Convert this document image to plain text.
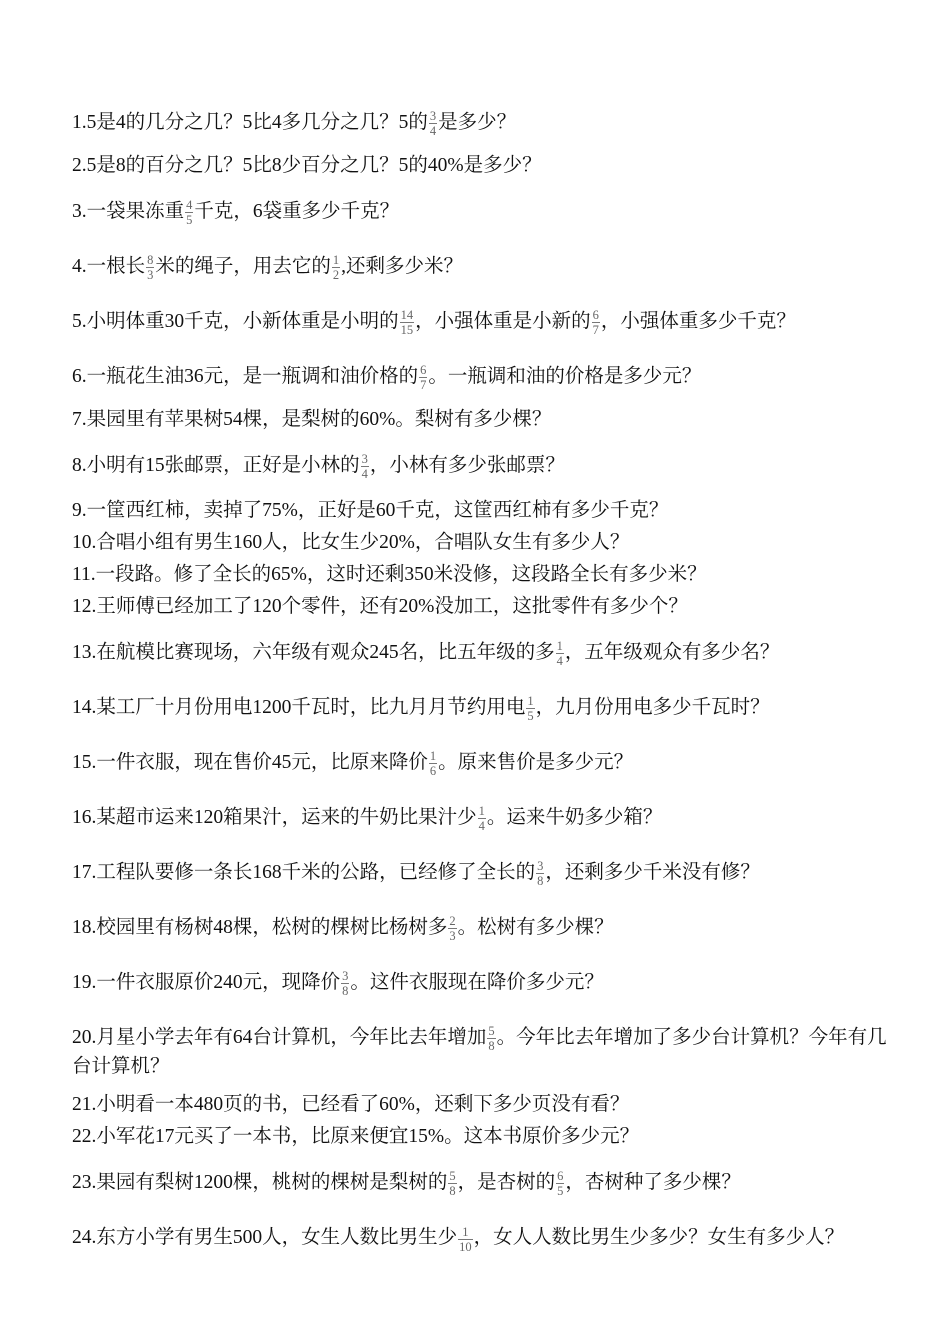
1.5是4的几分之几？5比4多几分之几？5的 $\frac{3}{4}$ 是多少？

2.5是8的百分之几？5比8少百分之几？5的40%是多少？

3.一袋果冻重 $\frac{4}{5}$ 千克，6袋重多少千克？

4.一根长 $\frac{8}{3}$ 米的绳子，用去它的 $\frac{1}{2}$ ,还剩多少米？

5.小明体重30千克，小新体重是小明的 $\frac{14}{15}$ ，小强体重是小新的 $\frac{6}{7}$ ，小强体重多少千克？

6.一瓶花生油36元，是一瓶调和油价格的 $\frac{6}{7}$ 。一瓶调和油的价格是多少元？

7.果园里有苹果树54棵，是梨树的60%。梨树有多少棵？

8.小明有15张邮票，正好是小林的 $\frac{3}{4}$ ，小林有多少张邮票？

9.一筐西红柿，卖掉了75%，正好是60千克，这筐西红柿有多少千克？

10.合唱小组有男生160人，比女生少20%，合唱队女生有多少人？

11.一段路。修了全长的65%，这时还剩350米没修，这段路全长有多少米？

12.王师傅已经加工了120个零件，还有20%没加工，这批零件有多少个？

13.在航模比赛现场，六年级有观众245名，比五年级的多 $\frac{1}{4}$ ，五年级观众有多少名？

14.某工厂十月份用电1200千瓦时，比九月月节约用电 $\frac{1}{5}$ ，九月份用电多少千瓦时？

15.一件衣服，现在售价45元，比原来降价 $\frac{1}{6}$ 。原来售价是多少元？

16.某超市运来120箱果汁，运来的牛奶比果汁少 $\frac{1}{4}$ 。运来牛奶多少箱？

17.工程队要修一条长168千米的公路，已经修了全长的 $\frac{3}{8}$ ，还剩多少千米没有修？

18.校园里有杨树48棵，松树的棵树比杨树多 $\frac{2}{3}$ 。松树有多少棵？

19.一件衣服原价240元，现降价 $\frac{3}{8}$ 。这件衣服现在降价多少元？

20.月星小学去年有64台计算机，今年比去年增加 $\frac{5}{8}$ 。今年比去年增加了多少台计算机？今年有几台计算机？

21.小明看一本480页的书，已经看了60%，还剩下多少页没有看？

22.小军花17元买了一本书，比原来便宜15%。这本书原价多少元？

23.果园有梨树1200棵，桃树的棵树是梨树的 $\frac{5}{8}$ ，是杏树的 $\frac{6}{5}$ ，杏树种了多少棵？

24.东方小学有男生500人，女生人数比男生少 $\frac{1}{10}$ ，女人人数比男生少多少？女生有多少人？
